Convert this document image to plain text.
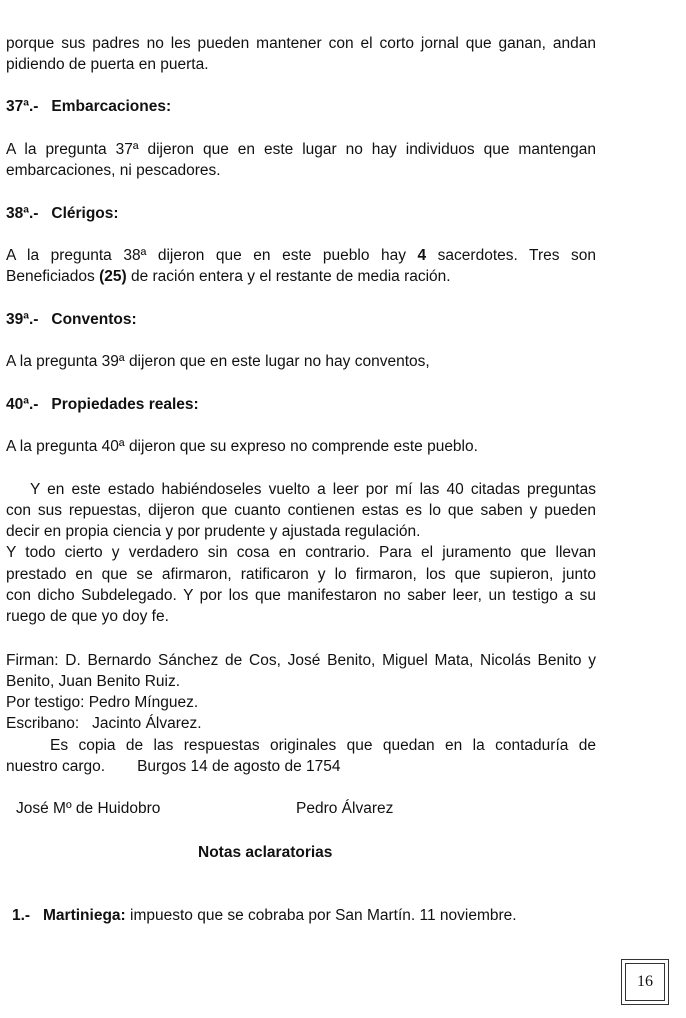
porque sus padres no les pueden mantener con el corto jornal que ganan, andan
pidiendo de puerta en puerta.
37ª.- Embarcaciones:
A la pregunta 37ª dijeron que en este lugar no hay individuos que mantengan
embarcaciones, ni pescadores.
38ª.- Clérigos:
A la pregunta 38ª dijeron que en este pueblo hay 4 sacerdotes. Tres son
Beneficiados (25) de ración entera y el restante de media ración.
39ª.- Conventos:
A la pregunta 39ª dijeron que en este lugar no hay conventos,
40ª.- Propiedades reales:
A la pregunta 40ª dijeron que su expreso no comprende este pueblo.
Y en este estado habiéndoseles vuelto a leer por mí las 40 citadas preguntas
con sus repuestas, dijeron que cuanto contienen estas es lo que saben y pueden
decir en propia ciencia y por prudente y ajustada regulación.
Y todo cierto y verdadero sin cosa en contrario. Para el juramento que llevan
prestado en que se afirmaron, ratificaron y lo firmaron, los que supieron, junto
con dicho Subdelegado. Y por los que manifestaron no saber leer, un testigo a su
ruego de que yo doy fe.
Firman: D. Bernardo Sánchez de Cos, José Benito, Miguel Mata, Nicolás Benito y
Benito, Juan Benito Ruiz.
Por testigo: Pedro Mínguez.
Escribano:   Jacinto Álvarez.
Es copia de las respuestas originales que quedan en la contaduría de
nuestro cargo. Burgos 14 de agosto de 1754
José Mº de Huidobro	Pedro Álvarez
Notas aclaratorias
1.- Martiniega: impuesto que se cobraba por San Martín. 11 noviembre.
16
